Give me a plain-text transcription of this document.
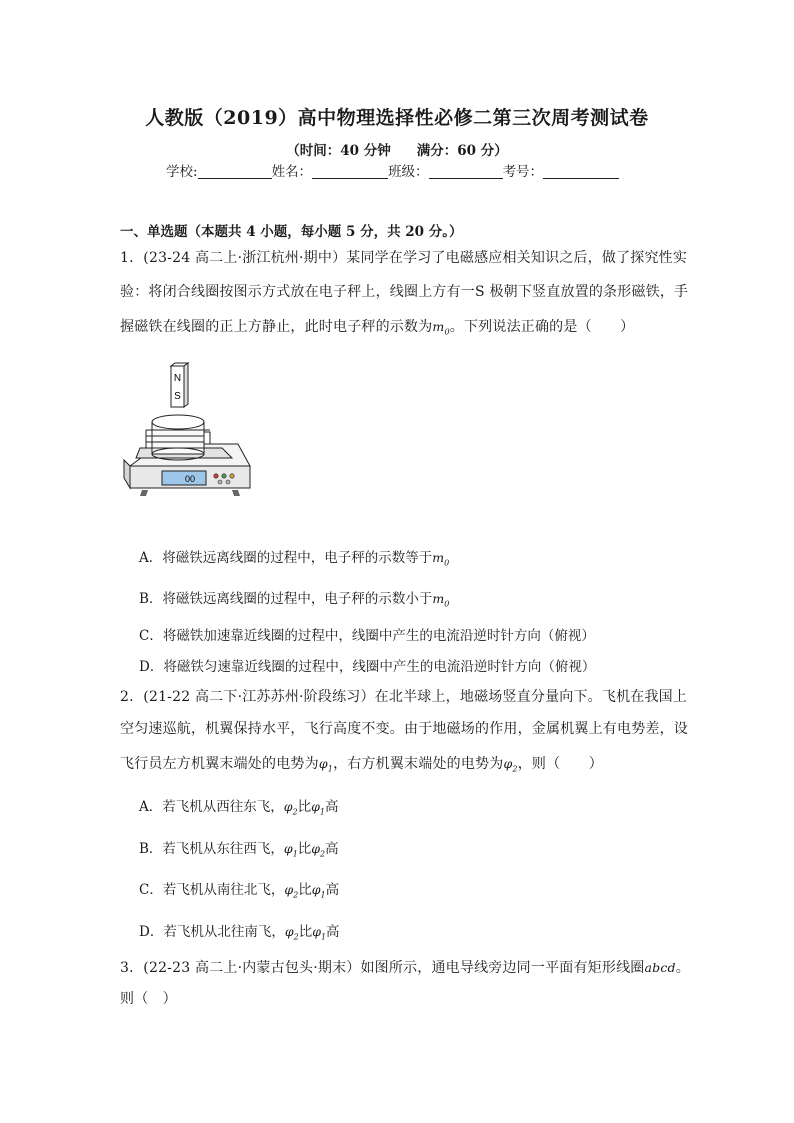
人教版（2019）高中物理选择性必修二第三次周考测试卷
（时间：40 分钟 满分：60 分）
学校:	姓名：	班级：	考号：
一、单选题（本题共 4 小题，每小题 5 分，共 20 分。）
1．(23-24 高二上·浙江杭州·期中）某同学在学习了电磁感应相关知识之后，做了探究性实
验：将闭合线圈按图示方式放在电子秤上，线圈上方有一S 极朝下竖直放置的条形磁铁，手
握磁铁在线圈的正上方静止，此时电子秤的示数为$m_0$。下列说法正确的是（　　）
N
S
00
A．将磁铁远离线圈的过程中，电子秤的示数等于$m_0$
B．将磁铁远离线圈的过程中，电子秤的示数小于$m_0$
C．将磁铁加速靠近线圈的过程中，线圈中产生的电流沿逆时针方向（俯视）
D．将磁铁匀速靠近线圈的过程中，线圈中产生的电流沿逆时针方向（俯视）
2．(21-22 高二下·江苏苏州·阶段练习）在北半球上，地磁场竖直分量向下。飞机在我国上
空匀速巡航，机翼保持水平，飞行高度不变。由于地磁场的作用，金属机翼上有电势差，设
飞行员左方机翼末端处的电势为$\varphi_1$，右方机翼末端处的电势为$\varphi_2$，则（　　）
A．若飞机从西往东飞，$\varphi_2$比$\varphi_1$高
B．若飞机从东往西飞，$\varphi_1$比$\varphi_2$高
C．若飞机从南往北飞，$\varphi_2$比$\varphi_1$高
D．若飞机从北往南飞，$\varphi_2$比$\varphi_1$高
3．(22-23 高二上·内蒙古包头·期末）如图所示，通电导线旁边同一平面有矩形线圈abcd。
则（　）
